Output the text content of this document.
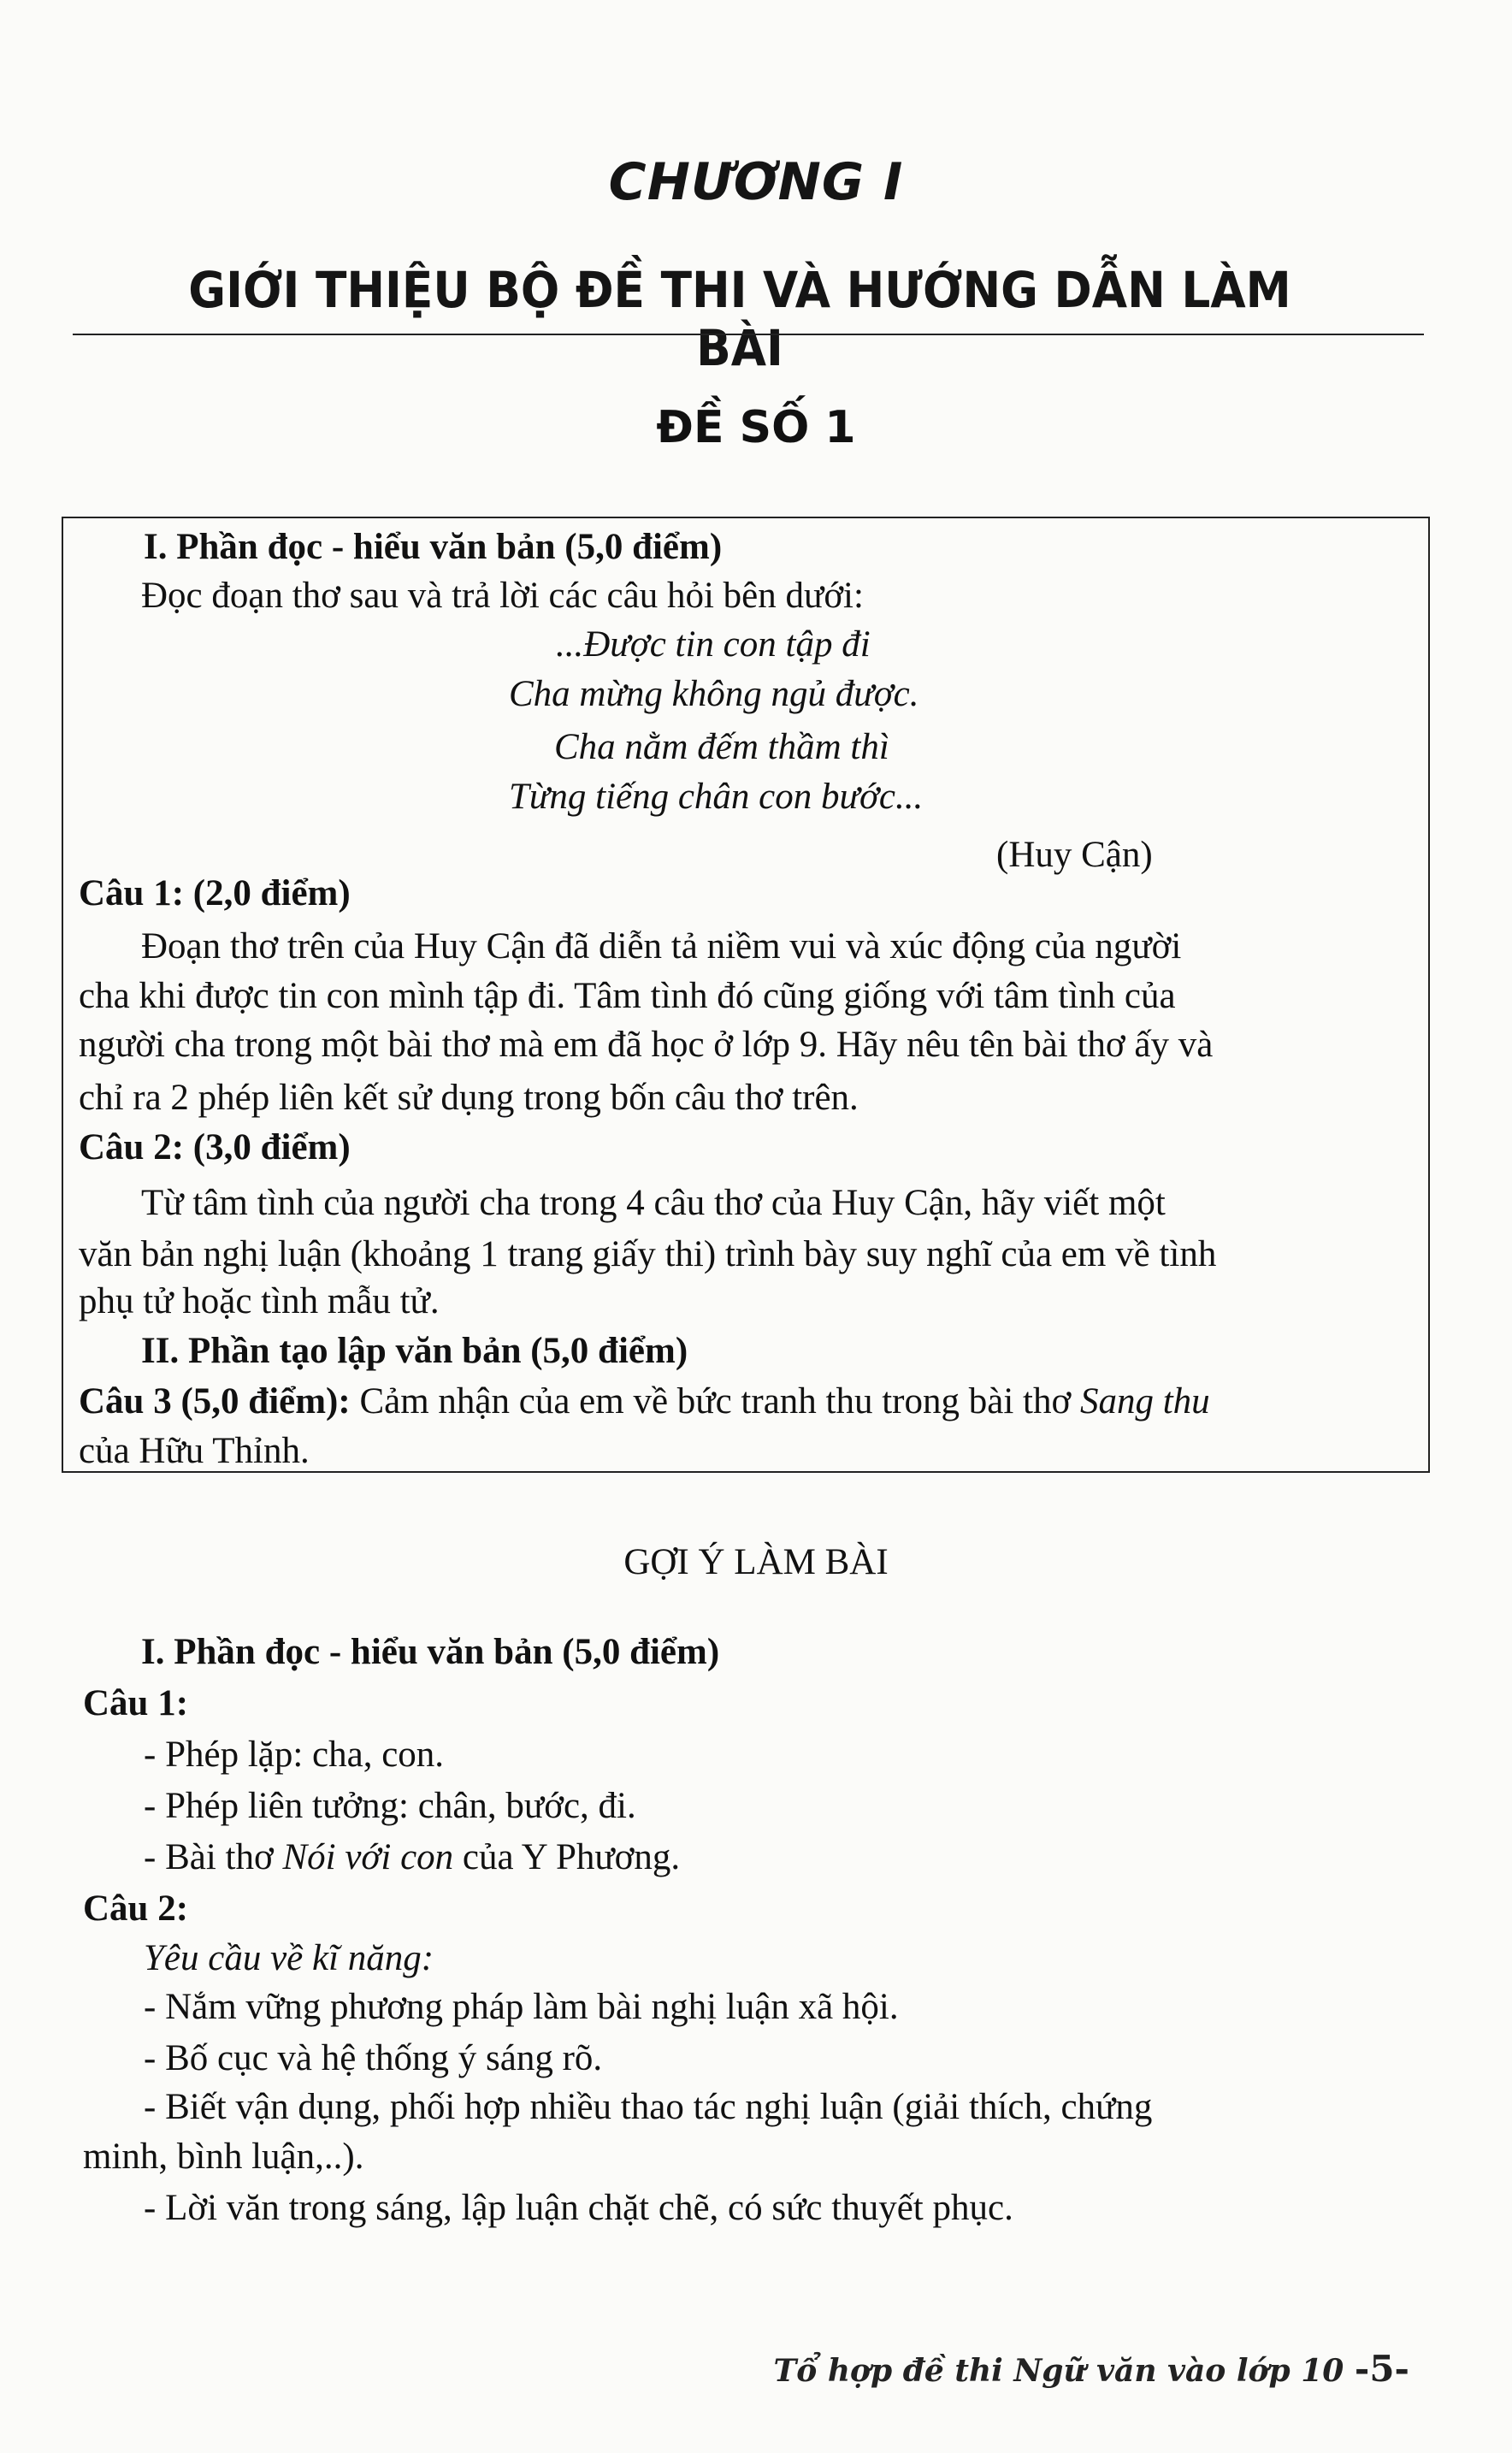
CHƯƠNG I
GIỚI THIỆU BỘ ĐỀ THI VÀ HƯỚNG DẪN LÀM BÀI
ĐỀ SỐ 1
I. Phần đọc - hiểu văn bản (5,0 điểm)
Đọc đoạn thơ sau và trả lời các câu hỏi bên dưới:
...Được tin con tập đi
Cha mừng không ngủ được.
Cha nằm đếm thầm thì
Từng tiếng chân con bước...
(Huy Cận)
Câu 1: (2,0 điểm)
Đoạn thơ trên của Huy Cận đã diễn tả niềm vui và xúc động của người
cha khi được tin con mình tập đi. Tâm tình đó cũng giống với tâm tình của
người cha trong một bài thơ mà em đã học ở lớp 9. Hãy nêu tên bài thơ ấy và
chỉ ra 2 phép liên kết sử dụng trong bốn câu thơ trên.
Câu 2: (3,0 điểm)
Từ tâm tình của người cha trong 4 câu thơ của Huy Cận, hãy viết một
văn bản nghị luận (khoảng 1 trang giấy thi) trình bày suy nghĩ của em về tình
phụ tử hoặc tình mẫu tử.
II. Phần tạo lập văn bản (5,0 điểm)
Câu 3 (5,0 điểm): Cảm nhận của em về bức tranh thu trong bài thơ Sang thu
của Hữu Thỉnh.
GỢI Ý LÀM BÀI
I. Phần đọc - hiểu văn bản (5,0 điểm)
Câu 1:
- Phép lặp: cha, con.
- Phép liên tưởng: chân, bước, đi.
- Bài thơ Nói với con của Y Phương.
Câu 2:
Yêu cầu về kĩ năng:
- Nắm vững phương pháp làm bài nghị luận xã hội.
- Bố cục và hệ thống ý sáng rõ.
- Biết vận dụng, phối hợp nhiều thao tác nghị luận (giải thích, chứng
minh, bình luận,..).
- Lời văn trong sáng, lập luận chặt chẽ, có sức thuyết phục.
Tổ hợp đề thi Ngữ văn vào lớp 10 -5-
